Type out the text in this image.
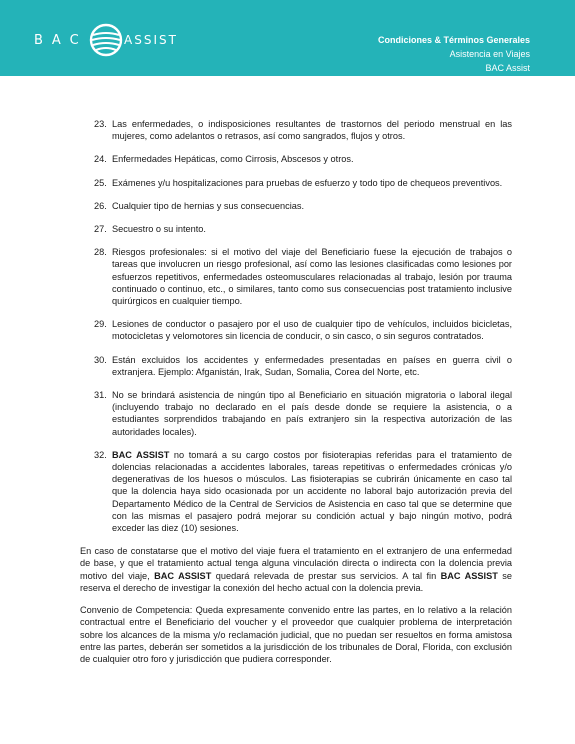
BAC	ASSIST	Condiciones & Términos Generales
Asistencia en Viajes
BAC Assist
23. Las enfermedades, o indisposiciones resultantes de trastornos del periodo menstrual en las mujeres, como adelantos o retrasos, así como sangrados, flujos y otros.
24. Enfermedades Hepáticas, como Cirrosis, Abscesos y otros.
25. Exámenes y/u hospitalizaciones para pruebas de esfuerzo y todo tipo de chequeos preventivos.
26. Cualquier tipo de hernias y sus consecuencias.
27. Secuestro o su intento.
28. Riesgos profesionales: si el motivo del viaje del Beneficiario fuese la ejecución de trabajos o tareas que involucren un riesgo profesional, así como las lesiones clasificadas como lesiones por esfuerzos repetitivos, enfermedades osteomusculares relacionadas al trabajo, lesión por trauma continuado o continuo, etc., o similares, tanto como sus consecuencias post tratamiento inclusive quirúrgicos en cualquier tiempo.
29. Lesiones de conductor o pasajero por el uso de cualquier tipo de vehículos, incluidos bicicletas, motocicletas y velomotores sin licencia de conducir, o sin casco, o sin seguros contratados.
30. Están excluidos los accidentes y enfermedades presentadas en países en guerra civil o extranjera. Ejemplo: Afganistán, Irak, Sudan, Somalia, Corea del Norte, etc.
31. No se brindará asistencia de ningún tipo al Beneficiario en situación migratoria o laboral ilegal (incluyendo trabajo no declarado en el país desde donde se requiere la asistencia, o a estudiantes sorprendidos trabajando en país extranjero sin la respectiva autorización de las autoridades locales).
32. BAC ASSIST no tomará a su cargo costos por fisioterapias referidas para el tratamiento de dolencias relacionadas a accidentes laborales, tareas repetitivas o enfermedades crónicas y/o degenerativas de los huesos o músculos. Las fisioterapias se cubrirán únicamente en caso tal que la dolencia haya sido ocasionada por un accidente no laboral bajo autorización previa del Departamento Médico de la Central de Servicios de Asistencia en caso tal que se determine que con las mismas el pasajero podrá mejorar su condición actual y bajo ningún motivo, podrá exceder las diez (10) sesiones.
En caso de constatarse que el motivo del viaje fuera el tratamiento en el extranjero de una enfermedad de base, y que el tratamiento actual tenga alguna vinculación directa o indirecta con la dolencia previa motivo del viaje, BAC ASSIST quedará relevada de prestar sus servicios. A tal fin BAC ASSIST se reserva el derecho de investigar la conexión del hecho actual con la dolencia previa.
Convenio de Competencia: Queda expresamente convenido entre las partes, en lo relativo a la relación contractual entre el Beneficiario del voucher y el proveedor que cualquier problema de interpretación sobre los alcances de la misma y/o reclamación judicial, que no puedan ser resueltos en forma amistosa entre las partes, deberán ser sometidos a la jurisdicción de los tribunales de Doral, Florida, con exclusión de cualquier otro foro y jurisdicción que pudiera corresponder.
